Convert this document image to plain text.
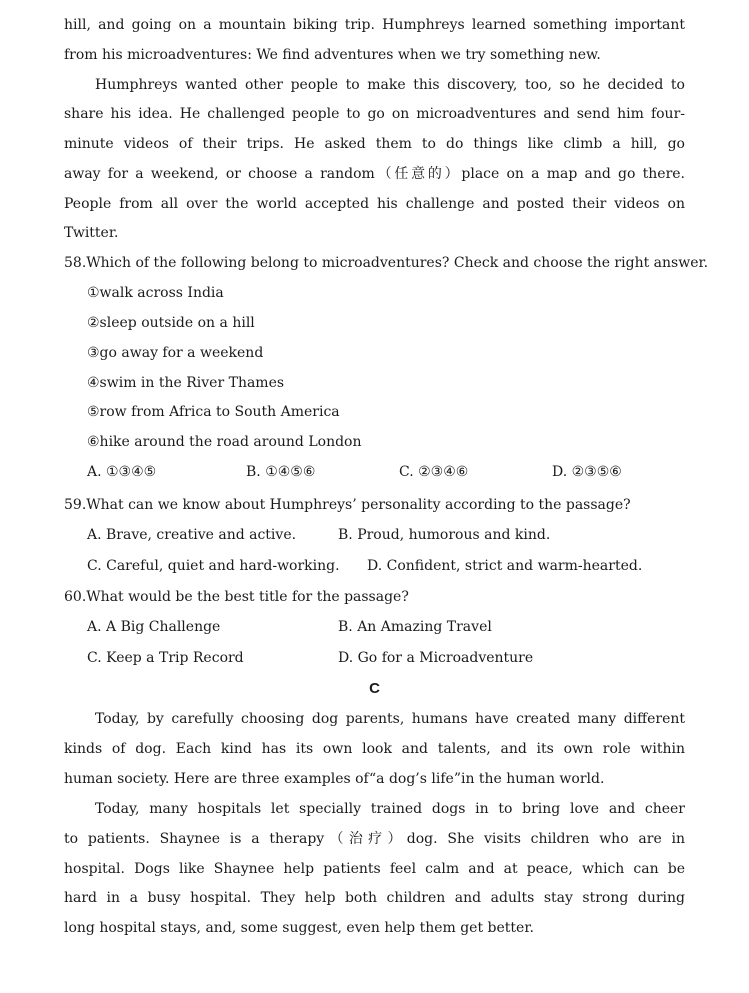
hill, and going on a mountain biking trip. Humphreys learned something important
from his microadventures: We find adventures when we try something new.
Humphreys wanted other people to make this discovery, too, so he decided to
share his idea. He challenged people to go on microadventures and send him four-
minute videos of their trips. He asked them to do things like climb a hill, go
away for a weekend, or choose a random（任意的）place on a map and go there.
People from all over the world accepted his challenge and posted their videos on
Twitter.
58.Which of the following belong to microadventures? Check and choose the right answer.
①walk across India
②sleep outside on a hill
③go away for a weekend
④swim in the River Thames
⑤row from Africa to South America
⑥hike around the road around London
A. ①③④⑤	B. ①④⑤⑥	C. ②③④⑥	D. ②③⑤⑥
59.What can we know about Humphreys’ personality according to the passage?
A. Brave, creative and active.	B. Proud, humorous and kind.
C. Careful, quiet and hard-working. D. Confident, strict and warm-hearted.
60.What would be the best title for the passage?
A. A Big Challenge	B. An Amazing Travel
C. Keep a Trip Record	D. Go for a Microadventure
C
Today, by carefully choosing dog parents, humans have created many different
kinds of dog. Each kind has its own look and talents, and its own role within
human society. Here are three examples of“a dog’s life”in the human world.
Today, many hospitals let specially trained dogs in to bring love and cheer
to patients. Shaynee is a therapy（治疗）dog. She visits children who are in
hospital. Dogs like Shaynee help patients feel calm and at peace, which can be
hard in a busy hospital. They help both children and adults stay strong during
long hospital stays, and, some suggest, even help them get better.
